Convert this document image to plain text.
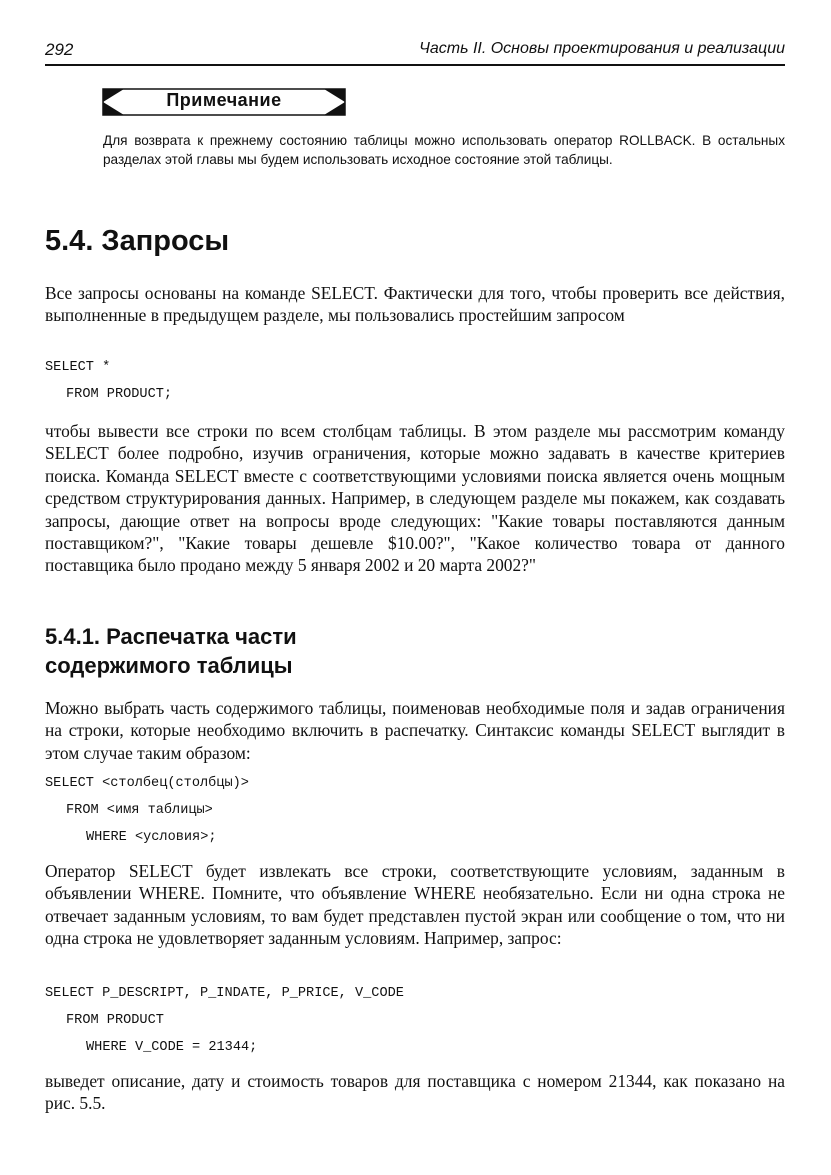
292	Часть II. Основы проектирования и реализации
Примечание

Для возврата к прежнему состоянию таблицы можно использовать оператор ROLLBACK. В остальных разделах этой главы мы будем использовать исходное состояние этой таблицы.

5.4. Запросы

Все запросы основаны на команде SELECT. Фактически для того, чтобы проверить все действия, выполненные в предыдущем разделе, мы пользовались простейшим запросом

SELECT *
FROM PRODUCT;

чтобы вывести все строки по всем столбцам таблицы. В этом разделе мы рассмотрим команду SELECT более подробно, изучив ограничения, которые можно задавать в качестве критериев поиска. Команда SELECT вместе с соответствующими условиями поиска является очень мощным средством структурирования данных. Например, в следующем разделе мы покажем, как создавать запросы, дающие ответ на вопросы вроде следующих: "Какие товары поставляются данным поставщиком?", "Какие товары дешевле $10.00?", "Какое количество товара от данного поставщика было продано между 5 января 2002 и 20 марта 2002?"

5.4.1. Распечатка части содержимого таблицы

Можно выбрать часть содержимого таблицы, поименовав необходимые поля и задав ограничения на строки, которые необходимо включить в распечатку. Синтаксис команды SELECT выглядит в этом случае таким образом:

SELECT <столбец(столбцы)>
FROM <имя таблицы>
WHERE <условия>;

Оператор SELECT будет извлекать все строки, соответствующите условиям, заданным в объявлении WHERE. Помните, что объявление WHERE необязательно. Если ни одна строка не отвечает заданным условиям, то вам будет представлен пустой экран или сообщение о том, что ни одна строка не удовлетворяет заданным условиям. Например, запрос:

SELECT P_DESCRIPT, P_INDATE, P_PRICE, V_CODE
FROM PRODUCT
WHERE V_CODE = 21344;

выведет описание, дату и стоимость товаров для поставщика с номером 21344, как показано на рис. 5.5.
